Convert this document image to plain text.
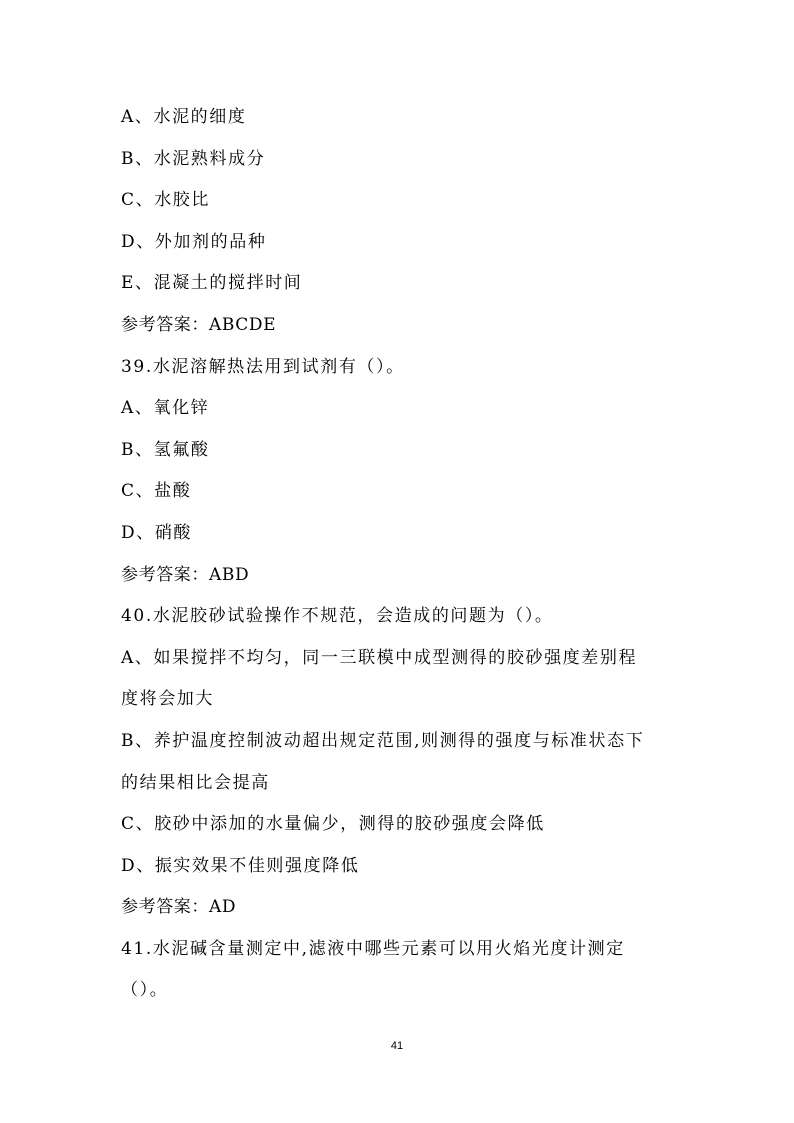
A、水泥的细度
B、水泥熟料成分
C、水胶比
D、外加剂的品种
E、混凝土的搅拌时间
参考答案：ABCDE
39.水泥溶解热法用到试剂有（）。
A、氧化锌
B、氢氟酸
C、盐酸
D、硝酸
参考答案：ABD
40.水泥胶砂试验操作不规范，会造成的问题为（）。
A、如果搅拌不均匀，同一三联模中成型测得的胶砂强度差别程
度将会加大
B、养护温度控制波动超出规定范围,则测得的强度与标准状态下
的结果相比会提高
C、胶砂中添加的水量偏少，测得的胶砂强度会降低
D、振实效果不佳则强度降低
参考答案：AD
41.水泥碱含量测定中,滤液中哪些元素可以用火焰光度计测定
（）。
41
